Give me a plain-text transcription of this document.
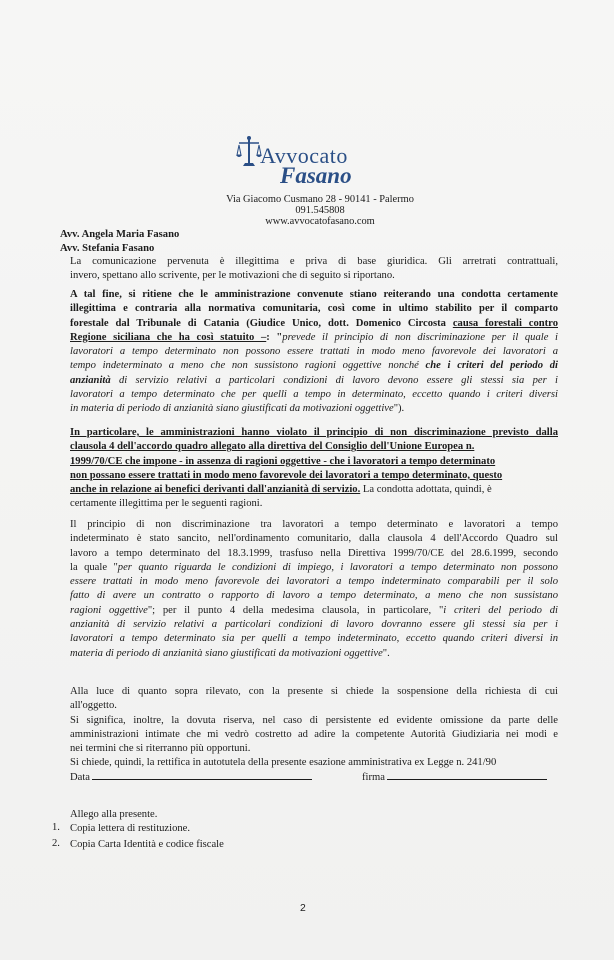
Avvocato
Fasano
Via Giacomo Cusmano 28 - 90141 - Palermo
091.545808
www.avvocatofasano.com
Avv. Angela Maria Fasano
Avv. Stefania Fasano
La comunicazione pervenuta è illegittima e priva di base giuridica. Gli arretrati contrattuali,
invero, spettano allo scrivente, per le motivazioni che di seguito si riportano.
A tal fine, si ritiene che le amministrazione convenute stiano reiterando una condotta certamente
illegittima e contraria alla normativa comunitaria, così come in ultimo stabilito per il comparto
forestale dal Tribunale di Catania (Giudice Unico, dott. Domenico Circosta causa forestali contro
Regione siciliana che ha così statuito –: "prevede il principio di non discriminazione per il quale i
lavoratori a tempo determinato non possono essere trattati in modo meno favorevole dei lavoratori a
tempo indeterminato a meno che non sussistono ragioni oggettive nonché che i criteri del periodo di
anzianità di servizio relativi a particolari condizioni di lavoro devono essere gli stessi sia per i
lavoratori a tempo determinato che per quelli a tempo in determinato, eccetto quando i criteri diversi
in materia di periodo di anzianità siano giustificati da motivazioni oggettive").
In particolare, le amministrazioni hanno violato il principio di non discriminazione previsto dalla
clausola 4 dell'accordo quadro allegato alla direttiva del Consiglio dell'Unione Europea n.
1999/70/CE che impone - in assenza di ragioni oggettive - che i lavoratori a tempo determinato
non possano essere trattati in modo meno favorevole dei lavoratori a tempo determinato, questo
anche in relazione ai benefici derivanti dall'anzianità di servizio. La condotta adottata, quindi, è
certamente illegittima per le seguenti ragioni.
Il principio di non discriminazione tra lavoratori a tempo determinato e lavoratori a tempo
indeterminato è stato sancito, nell'ordinamento comunitario, dalla clausola 4 dell'Accordo Quadro sul
lavoro a tempo determinato del 18.3.1999, trasfuso nella Direttiva 1999/70/CE del 28.6.1999, secondo
la quale "per quanto riguarda le condizioni di impiego, i lavoratori a tempo determinato non possono
essere trattati in modo meno favorevole dei lavoratori a tempo indeterminato comparabili per il solo
fatto di avere un contratto o rapporto di lavoro a tempo determinato, a meno che non sussistano
ragioni oggettive"; per il punto 4 della medesima clausola, in particolare, "i criteri del periodo di
anzianità di servizio relativi a particolari condizioni di lavoro dovranno essere gli stessi sia per i
lavoratori a tempo determinato sia per quelli a tempo indeterminato, eccetto quando criteri diversi in
materia di periodo di anzianità siano giustificati da motivazioni oggettive".
Alla luce di quanto sopra rilevato, con la presente si chiede la sospensione della richiesta di cui
all'oggetto.
Si significa, inoltre, la dovuta riserva, nel caso di persistente ed evidente omissione da parte delle
amministrazioni intimate che mi vedrò costretto ad adire la competente Autorità Giudiziaria nei modi e
nei termini che si riterranno più opportuni.
Si chiede, quindi, la rettifica in autotutela della presente esazione amministrativa ex Legge n. 241/90
Data	firma
Allego alla presente.
1. Copia lettera di restituzione.
2. Copia Carta Identità e codice fiscale
2
